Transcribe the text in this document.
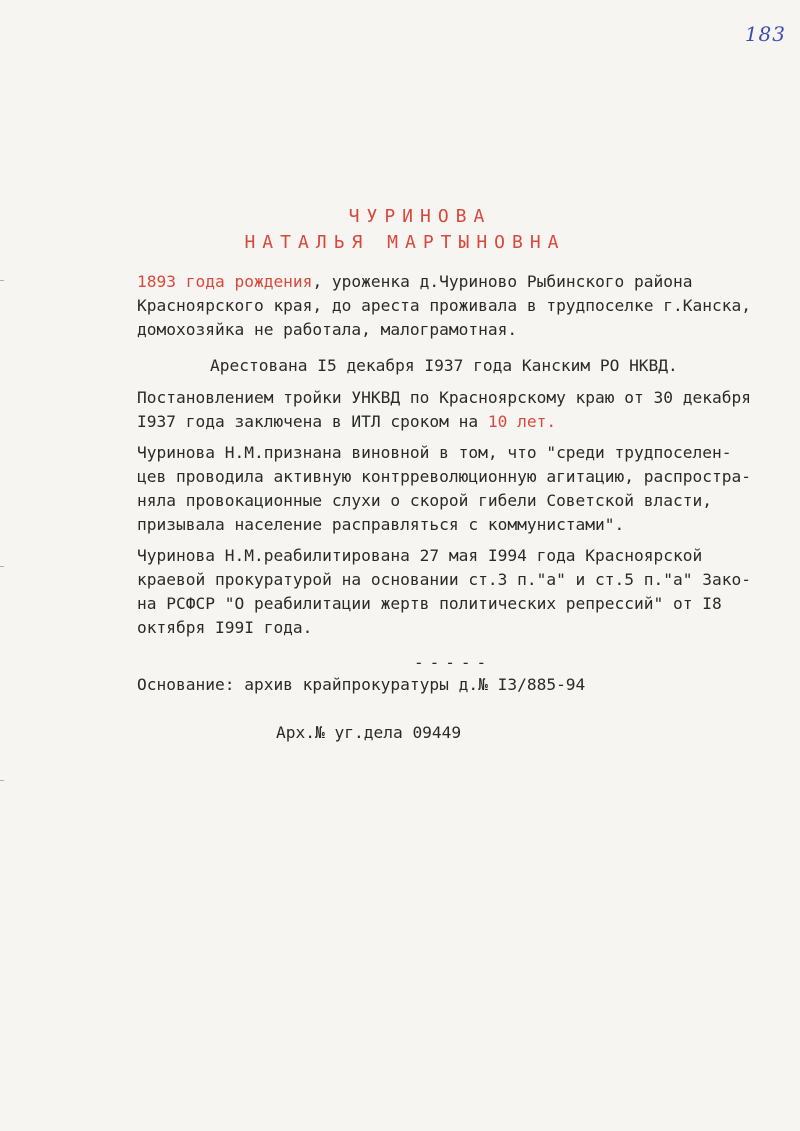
183
ЧУРИНОВА
НАТАЛЬЯ МАРТЫНОВНА
1893 года рождения, уроженка д.Чуриново Рыбинского района
Красноярского края, до ареста проживала в трудпоселке г.Канска,
домохозяйка не работала, малограмотная.
Арестована I5 декабря I937 года Канским РО НКВД.
Постановлением тройки УНКВД по Красноярскому краю от 30 декабря
I937 года заключена в ИТЛ сроком на 10 лет.
Чуринова Н.М.признана виновной в том, что "среди трудпоселен-
цев проводила активную контрреволюционную агитацию, распростра-
няла провокационные слухи о скорой гибели Советской власти,
призывала население расправляться с коммунистами".
Чуринова Н.М.реабилитирована 27 мая I994 года Красноярской
краевой прокуратурой на основании ст.3 п."а" и ст.5 п."а" Зако-
на РСФСР "О реабилитации жертв политических репрессий" от I8
октября I99I года.
-----
Основание: архив крайпрокуратуры д.№ I3/885-94
Арх.№ уг.дела 09449
